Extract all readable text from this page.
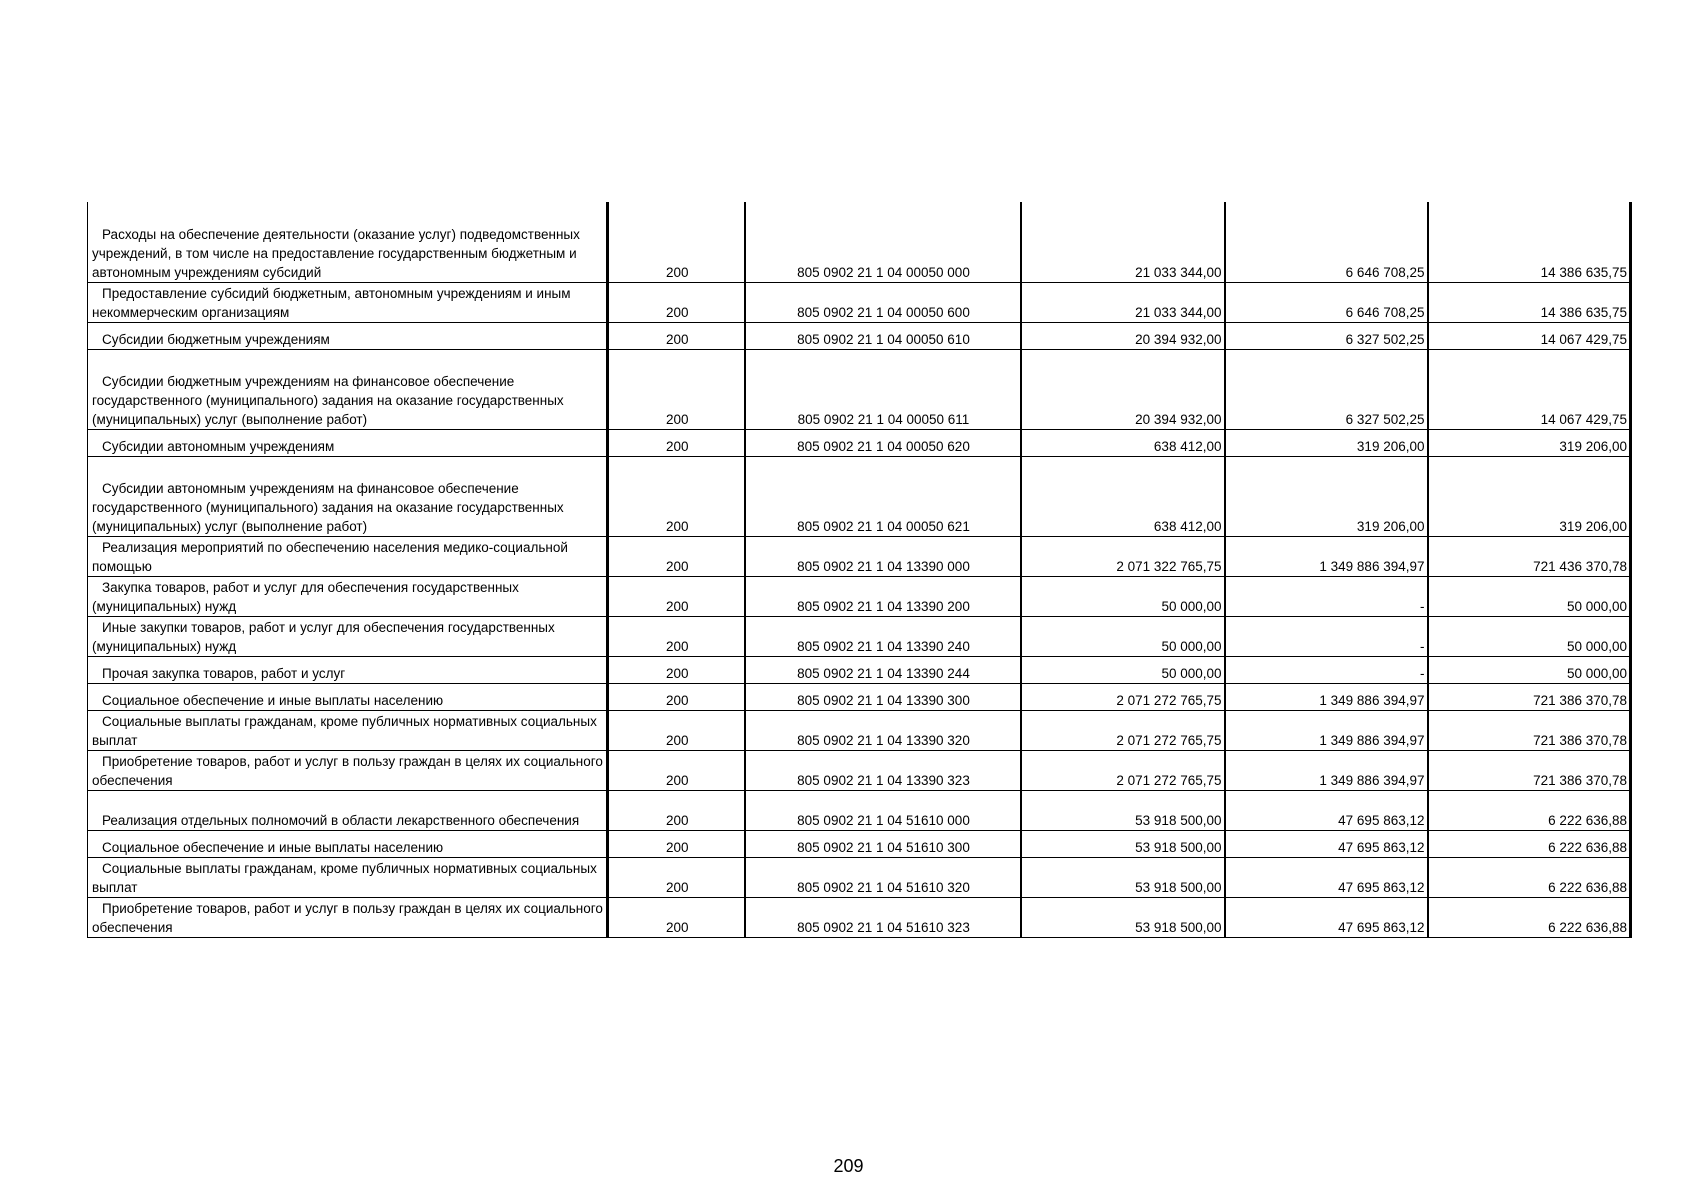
Расходы на обеспечение деятельности (оказание услуг) подведомственных учреждений, в том числе на предоставление государственным бюджетным и автономным учреждениям субсидий	200	805 0902 21 1 04 00050 000	21 033 344,00	6 646 708,25	14 386 635,75

Предоставление субсидий бюджетным, автономным учреждениям и иным некоммерческим организациям	200	805 0902 21 1 04 00050 600	21 033 344,00	6 646 708,25	14 386 635,75

Субсидии бюджетным учреждениям	200	805 0902 21 1 04 00050 610	20 394 932,00	6 327 502,25	14 067 429,75

Субсидии бюджетным учреждениям на финансовое обеспечение государственного (муниципального) задания на оказание государственных (муниципальных) услуг (выполнение работ)	200	805 0902 21 1 04 00050 611	20 394 932,00	6 327 502,25	14 067 429,75

Субсидии автономным учреждениям	200	805 0902 21 1 04 00050 620	638 412,00	319 206,00	319 206,00

Субсидии автономным учреждениям на финансовое обеспечение государственного (муниципального) задания на оказание государственных (муниципальных) услуг (выполнение работ)	200	805 0902 21 1 04 00050 621	638 412,00	319 206,00	319 206,00

Реализация мероприятий по обеспечению населения медико-социальной помощью	200	805 0902 21 1 04 13390 000	2 071 322 765,75	1 349 886 394,97	721 436 370,78

Закупка товаров, работ и услуг для обеспечения государственных (муниципальных) нужд	200	805 0902 21 1 04 13390 200	50 000,00	-	50 000,00

Иные закупки товаров, работ и услуг для обеспечения государственных (муниципальных) нужд	200	805 0902 21 1 04 13390 240	50 000,00	-	50 000,00

Прочая закупка товаров, работ и услуг	200	805 0902 21 1 04 13390 244	50 000,00	-	50 000,00

Социальное обеспечение и иные выплаты населению	200	805 0902 21 1 04 13390 300	2 071 272 765,75	1 349 886 394,97	721 386 370,78

Социальные выплаты гражданам, кроме публичных нормативных социальных выплат	200	805 0902 21 1 04 13390 320	2 071 272 765,75	1 349 886 394,97	721 386 370,78

Приобретение товаров, работ и услуг в пользу граждан в целях их социального обеспечения	200	805 0902 21 1 04 13390 323	2 071 272 765,75	1 349 886 394,97	721 386 370,78

Реализация отдельных полномочий в области лекарственного обеспечения	200	805 0902 21 1 04 51610 000	53 918 500,00	47 695 863,12	6 222 636,88

Социальное обеспечение и иные выплаты населению	200	805 0902 21 1 04 51610 300	53 918 500,00	47 695 863,12	6 222 636,88

Социальные выплаты гражданам, кроме публичных нормативных социальных выплат	200	805 0902 21 1 04 51610 320	53 918 500,00	47 695 863,12	6 222 636,88

Приобретение товаров, работ и услуг в пользу граждан в целях их социального обеспечения	200	805 0902 21 1 04 51610 323	53 918 500,00	47 695 863,12	6 222 636,88
209
